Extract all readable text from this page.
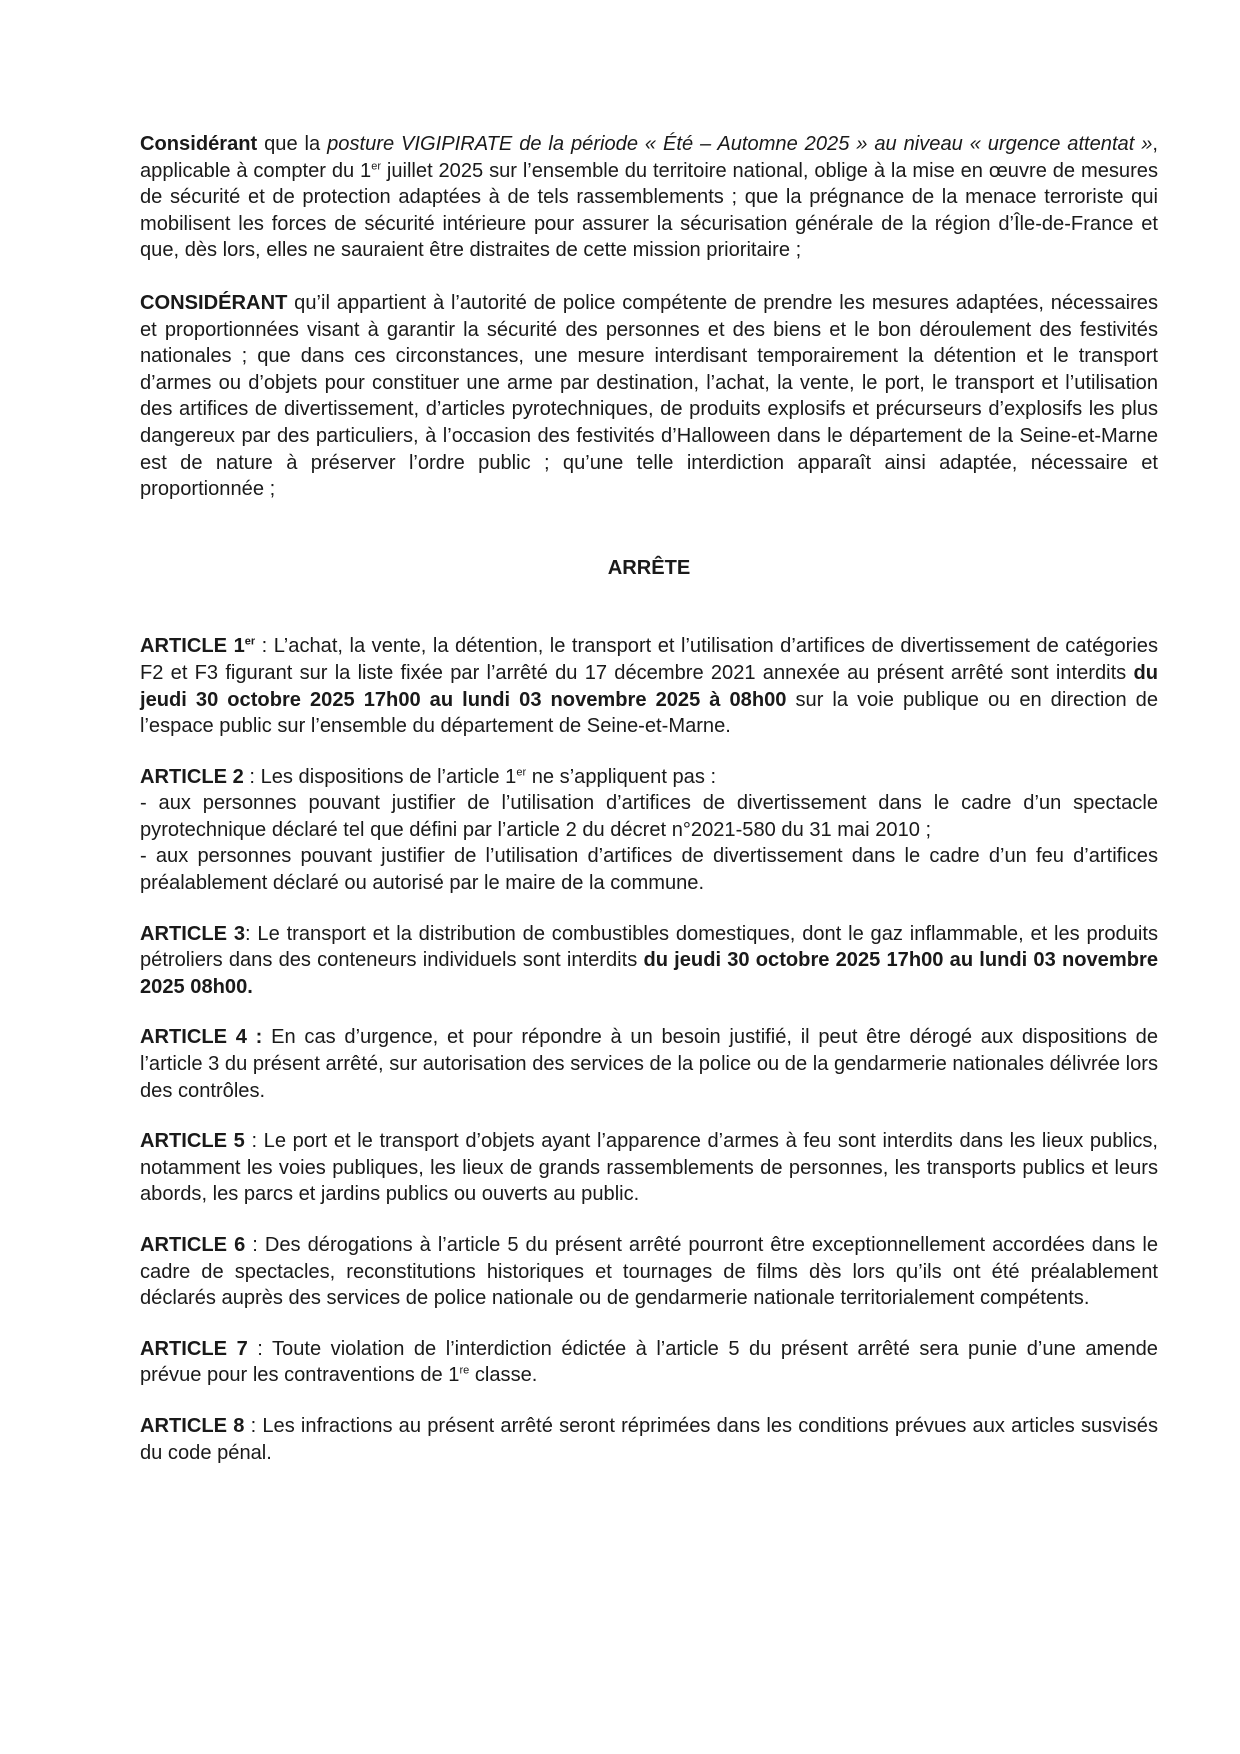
Considérant que la posture VIGIPIRATE de la période « Été – Automne 2025 » au niveau « urgence attentat », applicable à compter du 1er juillet 2025 sur l’ensemble du territoire national, oblige à la mise en œuvre de mesures de sécurité et de protection adaptées à de tels rassemblements ; que la prégnance de la menace terroriste qui mobilisent les forces de sécurité intérieure pour assurer la sécurisation générale de la région d’Île-de-France et que, dès lors, elles ne sauraient être distraites de cette mission prioritaire ;

CONSIDÉRANT qu’il appartient à l’autorité de police compétente de prendre les mesures adaptées, nécessaires et proportionnées visant à garantir la sécurité des personnes et des biens et le bon déroulement des festivités nationales ; que dans ces circonstances, une mesure interdisant temporairement la détention et le transport d’armes ou d’objets pour constituer une arme par destination, l’achat, la vente, le port, le transport et l’utilisation des artifices de divertissement, d’articles pyrotechniques, de produits explosifs et précurseurs d’explosifs les plus dangereux par des particuliers, à l’occasion des festivités d’Halloween dans le département de la Seine-et-Marne est de nature à préserver l’ordre public ; qu’une telle interdiction apparaît ainsi adaptée, nécessaire et proportionnée ;

ARRÊTE

ARTICLE 1er : L’achat, la vente, la détention, le transport et l’utilisation d’artifices de divertissement de catégories F2 et F3 figurant sur la liste fixée par l’arrêté du 17 décembre 2021 annexée au présent arrêté sont interdits du jeudi 30 octobre 2025 17h00 au lundi 03 novembre 2025 à 08h00 sur la voie publique ou en direction de l’espace public sur l’ensemble du département de Seine-et-Marne.

ARTICLE 2 : Les dispositions de l’article 1er ne s’appliquent pas :
- aux personnes pouvant justifier de l’utilisation d’artifices de divertissement dans le cadre d’un spectacle pyrotechnique déclaré tel que défini par l’article 2 du décret n°2021-580 du 31 mai 2010 ;
- aux personnes pouvant justifier de l’utilisation d’artifices de divertissement dans le cadre d’un feu d’artifices préalablement déclaré ou autorisé par le maire de la commune.

ARTICLE 3: Le transport et la distribution de combustibles domestiques, dont le gaz inflammable, et les produits pétroliers dans des conteneurs individuels sont interdits du jeudi 30 octobre 2025 17h00 au lundi 03 novembre 2025 08h00.

ARTICLE 4 : En cas d’urgence, et pour répondre à un besoin justifié, il peut être dérogé aux dispositions de l’article 3 du présent arrêté, sur autorisation des services de la police ou de la gendarmerie nationales délivrée lors des contrôles.

ARTICLE 5 : Le port et le transport d’objets ayant l’apparence d’armes à feu sont interdits dans les lieux publics, notamment les voies publiques, les lieux de grands rassemblements de personnes, les transports publics et leurs abords, les parcs et jardins publics ou ouverts au public.

ARTICLE 6 : Des dérogations à l’article 5 du présent arrêté pourront être exceptionnellement accordées dans le cadre de spectacles, reconstitutions historiques et tournages de films dès lors qu’ils ont été préalablement déclarés auprès des services de police nationale ou de gendarmerie nationale territorialement compétents.

ARTICLE 7 : Toute violation de l’interdiction édictée à l’article 5 du présent arrêté sera punie d’une amende prévue pour les contraventions de 1re classe.

ARTICLE 8 : Les infractions au présent arrêté seront réprimées dans les conditions prévues aux articles susvisés du code pénal.
